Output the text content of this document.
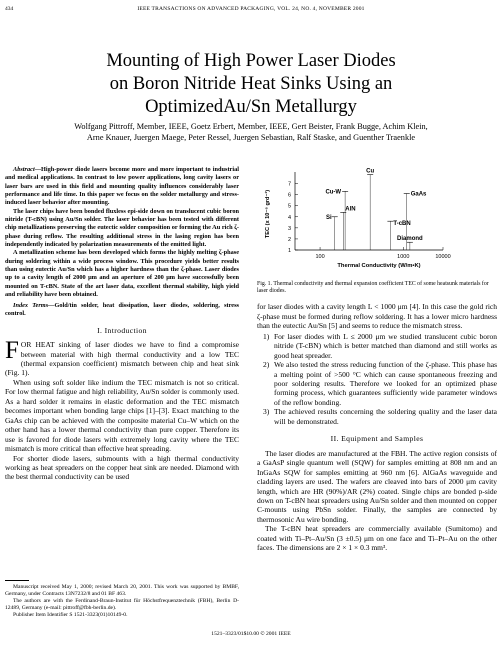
434	IEEE TRANSACTIONS ON ADVANCED PACKAGING, VOL. 24, NO. 4, NOVEMBER 2001
Mounting of High Power Laser Diodes
on Boron Nitride Heat Sinks Using an
OptimizedAu/Sn Metallurgy
Wolfgang Pittroff, Member, IEEE, Goetz Erbert, Member, IEEE, Gert Beister, Frank Bugge, Achim Klein,
Arne Knauer, Juergen Maege, Peter Ressel, Juergen Sebastian, Ralf Staske, and Guenther Traenkle

Abstract—High-power diode lasers become more and more important to industrial and medical applications. In contrast to low power applications, long cavity lasers or laser bars are used in this field and mounting quality influences considerably laser performance and life time. In this paper we focus on the solder metallurgy and stress-induced laser behavior after mounting.

The laser chips have been bonded fluxless epi-side down on translucent cubic boron nitride (T-cBN) using Au/Sn solder. The laser behavior has been tested with different chip metallizations preserving the eutectic solder composition or forming the Au rich ζ-phase during reflow. The resulting additional stress in the lasing region has been independently indicated by polarization measurements of the emitted light.

A metallization scheme has been developed which forms the highly melting ζ-phase during soldering within a wide process window. This procedure yields better results than using eutectic Au/Sn which has a higher hardness than the ζ-phase. Laser diodes up to a cavity length of 2000 μm and an aperture of 200 μm have successfully been mounted on T-cBN. State of the art laser data, excellent thermal stability, high yield and reliability have been obtained.

Index Terms—Gold/tin solder, heat dissipation, laser diodes, soldering, stress control.
I. Introduction

FOR HEAT sinking of laser diodes we have to find a compromise between material with high thermal conductivity and a low TEC (thermal expansion coefficient) mismatch between chip and heat sink (Fig. 1).

When using soft solder like indium the TEC mismatch is not so critical. For low thermal fatigue and high reliability, Au/Sn solder is commonly used. As a hard solder it remains in elastic deformation and the TEC mismatch becomes important when bonding large chips [1]–[3]. Exact matching to the GaAs chip can be achieved with the composite material Cu–W which on the other hand has a lower thermal conductivity than pure copper. Therefore its use is favored for diode lasers with extremely long cavity where the TEC mismatch is more critical than effective heat spreading.

For shorter diode lasers, submounts with a high thermal conductivity working as heat spreaders on the copper heat sink are needed. Diamond with the best thermal conductivity can be used

Manuscript received May 1, 2000; revised March 20, 2001. This work was supported by BMBF, Germany, under Contracts 13N7232/8 and 01 BF 463.

The authors are with the Ferdinand-Braun-Institut für Höchstfrequenztechnik (FBH), Berlin D-12489, Germany (e-mail: pittroff@fbh-berlin.de).

Publisher Item Identifier S 1521-3323(01)10149-0.

1521–3323/01$10.00 © 2001 IEEE
1
2
3
4
5
6
7
100	1000	10000
TEC (x 10⁻⁶ grd⁻¹)
Thermal Conductivity (W/m•K)
Cu
Cu-W	GaAs
AlN
Si
T-cBN
Diamond
Fig. 1. Thermal conductivity and thermal expansion coefficient TEC of some heatsunk materials for laser diodes.

for laser diodes with a cavity length L < 1000 μm [4]. In this case the gold rich ζ-phase must be formed during reflow soldering. It has a lower micro hardness than the eutectic Au/Sn [5] and seems to reduce the mismatch stress.

1) For laser diodes with L ≤ 2000 μm we studied translucent cubic boron nitride (T-cBN) which is better matched than diamond and still works as good heat spreader.
2) We also tested the stress reducing function of the ζ-phase. This phase has a melting point of >500 °C which can cause spontaneous freezing and poor soldering results. Therefore we looked for an optimized phase forming process, which guarantees sufficiently wide parameter windows of the reflow bonding.
3) The achieved results concerning the soldering quality and the laser data will be demonstrated.
II. Equipment and Samples

The laser diodes are manufactured at the FBH. The active region consists of a GaAsP single quantum well (SQW) for samples emitting at 808 nm and an InGaAs SQW for samples emitting at 960 nm [6]. AlGaAs waveguide and cladding layers are used. The wafers are cleaved into bars of 2000 μm cavity length, which are HR (90%)/AR (2%) coated. Single chips are bonded p-side down on T-cBN heat spreaders using Au/Sn solder and then mounted on copper C-mounts using PbSn solder. Finally, the samples are connected by thermosonic Au wire bonding.

The T-cBN heat spreaders are commercially available (Sumitomo) and coated with Ti–Pt–Au/Sn (3 ±0.5) μm on one face and Ti–Pt–Au on the other faces. The dimensions are 2 × 1 × 0.3 mm³.
